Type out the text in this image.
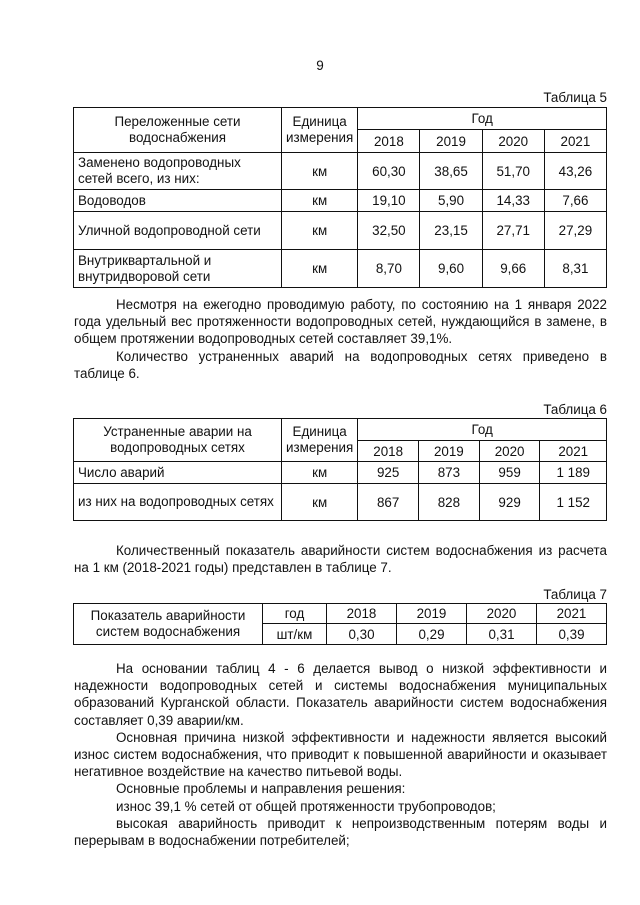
9
Таблица 5
Переложенные сети водоснабжения	Единица измерения	Год			
		2018	2019	2020	2021
Заменено водопроводных сетей всего, из них:	км	60,30	38,65	51,70	43,26
Водоводов	км	19,10	5,90	14,33	7,66
Уличной водопроводной сети	км	32,50	23,15	27,71	27,29
Внутриквартальной и внутридворовой сети	км	8,70	9,60	9,66	8,31

Несмотря на ежегодно проводимую работу, по состоянию на 1 января 2022 года удельный вес протяженности водопроводных сетей, нуждающийся в замене, в общем протяжении водопроводных сетей составляет 39,1%.

Количество устраненных аварий на водопроводных сетях приведено в таблице 6.

Таблица 6
Устраненные аварии на водопроводных сетях	Единица измерения	Год			
		2018	2019	2020	2021
Число аварий	км	925	873	959	1 189
из них на водопроводных сетях	км	867	828	929	1 152

Количественный показатель аварийности систем водоснабжения из расчета на 1 км (2018-2021 годы) представлен в таблице 7.

Таблица 7
Показатель аварийности систем водоснабжения	год	2018	2019	2020	2021
	шт/км	0,30	0,29	0,31	0,39

На основании таблиц 4 - 6 делается вывод о низкой эффективности и надежности водопроводных сетей и системы водоснабжения муниципальных образований Курганской области. Показатель аварийности систем водоснабжения составляет 0,39 аварии/км.

Основная причина низкой эффективности и надежности является высокий износ систем водоснабжения, что приводит к повышенной аварийности и оказывает негативное воздействие на качество питьевой воды.

Основные проблемы и направления решения:

износ 39,1 % сетей от общей протяженности трубопроводов;

высокая аварийность приводит к непроизводственным потерям воды и перерывам в водоснабжении потребителей;
